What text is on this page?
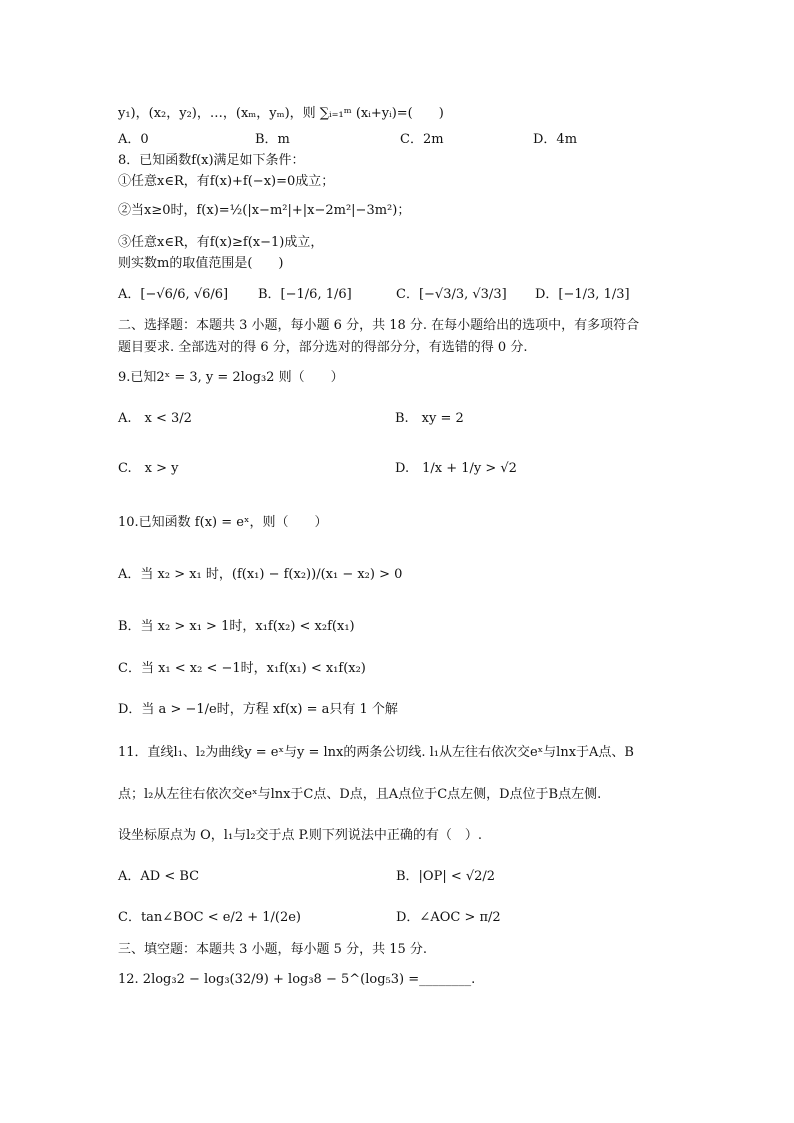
y₁)，(x₂，y₂)，…，(xₘ，yₘ)，则 ∑ᵢ₌₁ᵐ (xᵢ+yᵢ)=(　　)
A．0	B．m	C．2m	D．4m
8．已知函数f(x)满足如下条件：
①任意x∈R，有f(x)+f(−x)=0成立；
②当x≥0时，f(x)=½(|x−m²|+|x−2m²|−3m²)；
③任意x∈R，有f(x)≥f(x−1)成立，
则实数m的取值范围是(　　)
A．[−√6/6, √6/6] B．[−1/6, 1/6]	C．[−√3/3, √3/3] D．[−1/3, 1/3]
二、选择题：本题共 3 小题，每小题 6 分，共 18 分. 在每小题给出的选项中，有多项符合
题目要求. 全部选对的得 6 分，部分选对的得部分分，有选错的得 0 分.
9.已知2ˣ = 3, y = 2log₃2 则（　　）
A.　x < 3/2	B.　xy = 2
C.　x > y	D.　1/x + 1/y > √2
10.已知函数 f(x) = eˣ，则（　　）
A．当 x₂ > x₁ 时，(f(x₁) − f(x₂))/(x₁ − x₂) > 0
B．当 x₂ > x₁ > 1时，x₁f(x₂) < x₂f(x₁)
C．当 x₁ < x₂ < −1时，x₁f(x₁) < x₁f(x₂)
D．当 a > −1/e时，方程 xf(x) = a只有 1 个解
11．直线l₁、l₂为曲线y = eˣ与y = lnx的两条公切线. l₁从左往右依次交eˣ与lnx于A点、B
点；l₂从左往右依次交eˣ与lnx于C点、D点，且A点位于C点左侧，D点位于B点左侧.
设坐标原点为 O，l₁与l₂交于点 P.则下列说法中正确的有（　）.
A．AD < BC	B．|OP| < √2/2
C．tan∠BOC < e/2 + 1/(2e)	D．∠AOC > π/2
三、填空题：本题共 3 小题，每小题 5 分，共 15 分.
12. 2log₃2 − log₃(32/9) + log₃8 − 5^(log₅3) =________.
